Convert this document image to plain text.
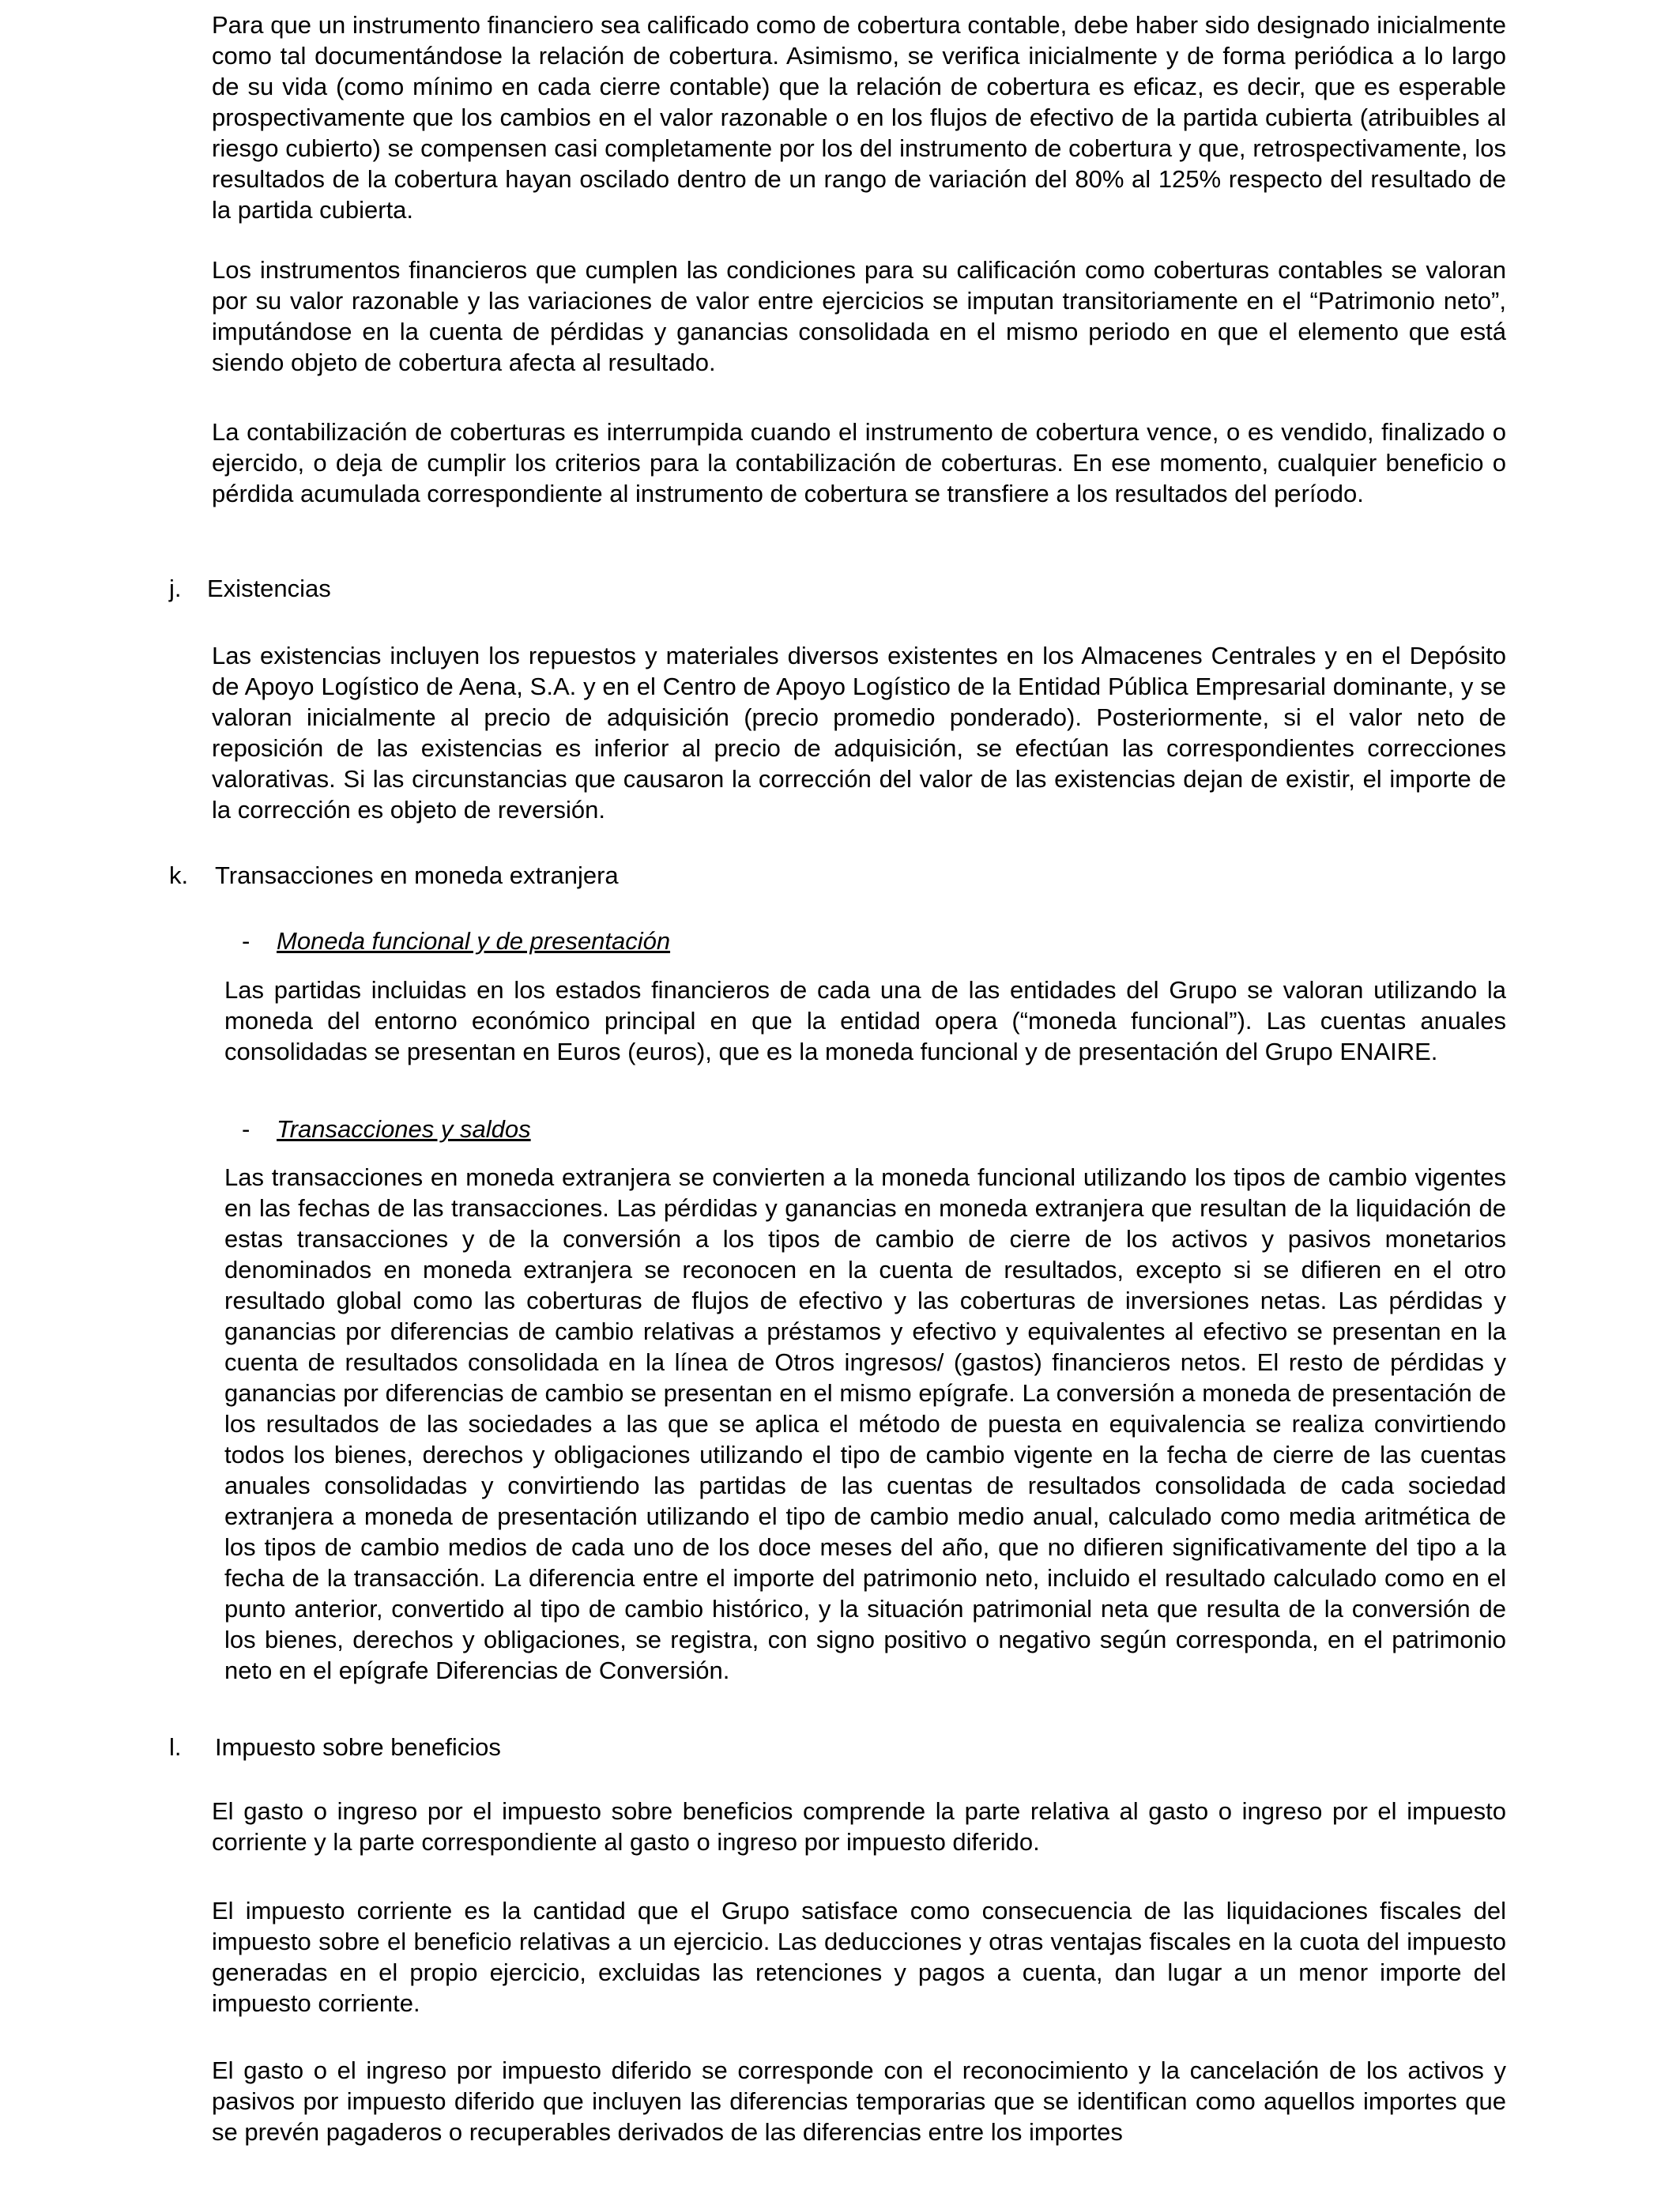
Para que un instrumento financiero sea calificado como de cobertura contable, debe haber sido designado inicialmente como tal documentándose la relación de cobertura. Asimismo, se verifica inicialmente y de forma periódica a lo largo de su vida (como mínimo en cada cierre contable) que la relación de cobertura es eficaz, es decir, que es esperable prospectivamente que los cambios en el valor razonable o en los flujos de efectivo de la partida cubierta (atribuibles al riesgo cubierto) se compensen casi completamente por los del instrumento de cobertura y que, retrospectivamente, los resultados de la cobertura hayan oscilado dentro de un rango de variación del 80% al 125% respecto del resultado de la partida cubierta.

Los instrumentos financieros que cumplen las condiciones para su calificación como coberturas contables se valoran por su valor razonable y las variaciones de valor entre ejercicios se imputan transitoriamente en el “Patrimonio neto”, imputándose en la cuenta de pérdidas y ganancias consolidada en el mismo periodo en que el elemento que está siendo objeto de cobertura afecta al resultado.

La contabilización de coberturas es interrumpida cuando el instrumento de cobertura vence, o es vendido, finalizado o ejercido, o deja de cumplir los criterios para la contabilización de coberturas. En ese momento, cualquier beneficio o pérdida acumulada correspondiente al instrumento de cobertura se transfiere a los resultados del período.

j. Existencias

Las existencias incluyen los repuestos y materiales diversos existentes en los Almacenes Centrales y en el Depósito de Apoyo Logístico de Aena, S.A. y en el Centro de Apoyo Logístico de la Entidad Pública Empresarial dominante, y se valoran inicialmente al precio de adquisición (precio promedio ponderado). Posteriormente, si el valor neto de reposición de las existencias es inferior al precio de adquisición, se efectúan las correspondientes correcciones valorativas. Si las circunstancias que causaron la corrección del valor de las existencias dejan de existir, el importe de la corrección es objeto de reversión.

k. Transacciones en moneda extranjera
- Moneda funcional y de presentación

Las partidas incluidas en los estados financieros de cada una de las entidades del Grupo se valoran utilizando la moneda del entorno económico principal en que la entidad opera (“moneda funcional”). Las cuentas anuales consolidadas se presentan en Euros (euros), que es la moneda funcional y de presentación del Grupo ENAIRE.

- Transacciones y saldos

Las transacciones en moneda extranjera se convierten a la moneda funcional utilizando los tipos de cambio vigentes en las fechas de las transacciones. Las pérdidas y ganancias en moneda extranjera que resultan de la liquidación de estas transacciones y de la conversión a los tipos de cambio de cierre de los activos y pasivos monetarios denominados en moneda extranjera se reconocen en la cuenta de resultados, excepto si se difieren en el otro resultado global como las coberturas de flujos de efectivo y las coberturas de inversiones netas. Las pérdidas y ganancias por diferencias de cambio relativas a préstamos y efectivo y equivalentes al efectivo se presentan en la cuenta de resultados consolidada en la línea de Otros ingresos/ (gastos) financieros netos. El resto de pérdidas y ganancias por diferencias de cambio se presentan en el mismo epígrafe. La conversión a moneda de presentación de los resultados de las sociedades a las que se aplica el método de puesta en equivalencia se realiza convirtiendo todos los bienes, derechos y obligaciones utilizando el tipo de cambio vigente en la fecha de cierre de las cuentas anuales consolidadas y convirtiendo las partidas de las cuentas de resultados consolidada de cada sociedad extranjera a moneda de presentación utilizando el tipo de cambio medio anual, calculado como media aritmética de los tipos de cambio medios de cada uno de los doce meses del año, que no difieren significativamente del tipo a la fecha de la transacción. La diferencia entre el importe del patrimonio neto, incluido el resultado calculado como en el punto anterior, convertido al tipo de cambio histórico, y la situación patrimonial neta que resulta de la conversión de los bienes, derechos y obligaciones, se registra, con signo positivo o negativo según corresponda, en el patrimonio neto en el epígrafe Diferencias de Conversión.

l. Impuesto sobre beneficios

El gasto o ingreso por el impuesto sobre beneficios comprende la parte relativa al gasto o ingreso por el impuesto corriente y la parte correspondiente al gasto o ingreso por impuesto diferido.

El impuesto corriente es la cantidad que el Grupo satisface como consecuencia de las liquidaciones fiscales del impuesto sobre el beneficio relativas a un ejercicio. Las deducciones y otras ventajas fiscales en la cuota del impuesto generadas en el propio ejercicio, excluidas las retenciones y pagos a cuenta, dan lugar a un menor importe del impuesto corriente.

El gasto o el ingreso por impuesto diferido se corresponde con el reconocimiento y la cancelación de los activos y pasivos por impuesto diferido que incluyen las diferencias temporarias que se identifican como aquellos importes que se prevén pagaderos o recuperables derivados de las diferencias entre los importes
